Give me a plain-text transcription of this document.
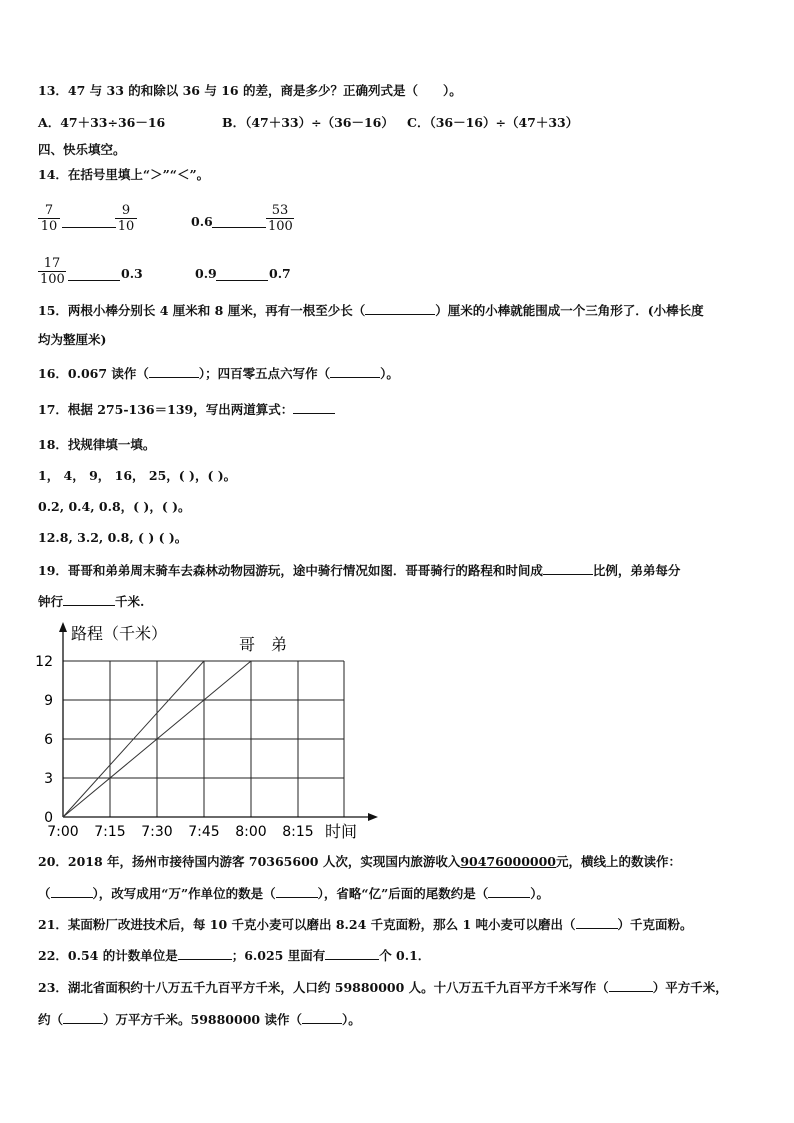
13．47 与 33 的和除以 36 与 16 的差，商是多少？正确列式是（　　）。
A．47＋33÷36－16	B．（47＋33）÷（36－16） C．（36－16）÷（47＋33）
四、快乐填空。
14．在括号里填上“＞”“＜”。
7
10
9
10	0.6
53
100
17
100	0.3	0.9	0.7
15．两根小棒分别长 4 厘米和 8 厘米，再有一根至少长（	）厘米的小棒就能围成一个三角形了．(小棒长度
均为整厘米)
16．0.067 读作（	）；四百零五点六写作（	）。
17．根据 275-136＝139，写出两道算式：
18．找规律填一填。
1， 4， 9， 16， 25，( )，( )。
0.2, 0.4, 0.8，( )，( )。
12.8, 3.2, 0.8, ( ) ( )。
19．哥哥和弟弟周末骑车去森林动物园游玩，途中骑行情况如图．哥哥骑行的路程和时间成	比例，弟弟每分
钟行	千米.
0
3
6
9
12
7:00 7:15 7:30 7:45 8:00 8:15
路程（千米）
时间
哥　弟
20．2018 年，扬州市接待国内游客 70365600 人次，实现国内旅游收入90476000000元，横线上的数读作：
（	），改写成用“万”作单位的数是（	），省略“亿”后面的尾数约是（	）。
21．某面粉厂改进技术后，每 10 千克小麦可以磨出 8.24 千克面粉，那么 1 吨小麦可以磨出（	）千克面粉。
22．0.54 的计数单位是	；6.025 里面有	个 0.1．
23．湖北省面积约十八万五千九百平方千米，人口约 59880000 人。十八万五千九百平方千米写作（	）平方千米，
约（	）万平方千米。59880000 读作（	）。
